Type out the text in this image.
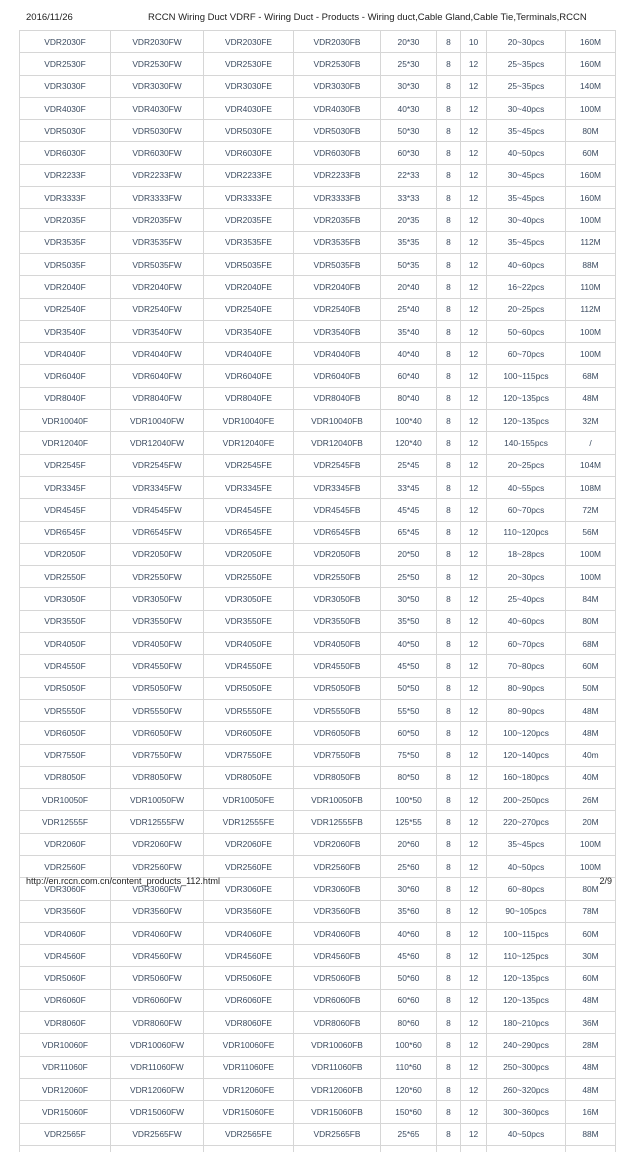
2016/11/26	RCCN Wiring Duct VDRF - Wiring Duct - Products - Wiring duct,Cable Gland,Cable Tie,Terminals,RCCN
VDR2030F	VDR2030FW	VDR2030FE	VDR2030FB	20*30	8	10	20~30pcs	160M
VDR2530F	VDR2530FW	VDR2530FE	VDR2530FB	25*30	8	12	25~35pcs	160M
VDR3030F	VDR3030FW	VDR3030FE	VDR3030FB	30*30	8	12	25~35pcs	140M
VDR4030F	VDR4030FW	VDR4030FE	VDR4030FB	40*30	8	12	30~40pcs	100M
VDR5030F	VDR5030FW	VDR5030FE	VDR5030FB	50*30	8	12	35~45pcs	80M
VDR6030F	VDR6030FW	VDR6030FE	VDR6030FB	60*30	8	12	40~50pcs	60M
VDR2233F	VDR2233FW	VDR2233FE	VDR2233FB	22*33	8	12	30~45pcs	160M
VDR3333F	VDR3333FW	VDR3333FE	VDR3333FB	33*33	8	12	35~45pcs	160M
VDR2035F	VDR2035FW	VDR2035FE	VDR2035FB	20*35	8	12	30~40pcs	100M
VDR3535F	VDR3535FW	VDR3535FE	VDR3535FB	35*35	8	12	35~45pcs	112M
VDR5035F	VDR5035FW	VDR5035FE	VDR5035FB	50*35	8	12	40~60pcs	88M
VDR2040F	VDR2040FW	VDR2040FE	VDR2040FB	20*40	8	12	16~22pcs	110M
VDR2540F	VDR2540FW	VDR2540FE	VDR2540FB	25*40	8	12	20~25pcs	112M
VDR3540F	VDR3540FW	VDR3540FE	VDR3540FB	35*40	8	12	50~60pcs	100M
VDR4040F	VDR4040FW	VDR4040FE	VDR4040FB	40*40	8	12	60~70pcs	100M
VDR6040F	VDR6040FW	VDR6040FE	VDR6040FB	60*40	8	12	100~115pcs	68M
VDR8040F	VDR8040FW	VDR8040FE	VDR8040FB	80*40	8	12	120~135pcs	48M
VDR10040F	VDR10040FW	VDR10040FE	VDR10040FB	100*40	8	12	120~135pcs	32M
VDR12040F	VDR12040FW	VDR12040FE	VDR12040FB	120*40	8	12	140-155pcs	/
VDR2545F	VDR2545FW	VDR2545FE	VDR2545FB	25*45	8	12	20~25pcs	104M
VDR3345F	VDR3345FW	VDR3345FE	VDR3345FB	33*45	8	12	40~55pcs	108M
VDR4545F	VDR4545FW	VDR4545FE	VDR4545FB	45*45	8	12	60~70pcs	72M
VDR6545F	VDR6545FW	VDR6545FE	VDR6545FB	65*45	8	12	110~120pcs	56M
VDR2050F	VDR2050FW	VDR2050FE	VDR2050FB	20*50	8	12	18~28pcs	100M
VDR2550F	VDR2550FW	VDR2550FE	VDR2550FB	25*50	8	12	20~30pcs	100M
VDR3050F	VDR3050FW	VDR3050FE	VDR3050FB	30*50	8	12	25~40pcs	84M
VDR3550F	VDR3550FW	VDR3550FE	VDR3550FB	35*50	8	12	40~60pcs	80M
VDR4050F	VDR4050FW	VDR4050FE	VDR4050FB	40*50	8	12	60~70pcs	68M
VDR4550F	VDR4550FW	VDR4550FE	VDR4550FB	45*50	8	12	70~80pcs	60M
VDR5050F	VDR5050FW	VDR5050FE	VDR5050FB	50*50	8	12	80~90pcs	50M
VDR5550F	VDR5550FW	VDR5550FE	VDR5550FB	55*50	8	12	80~90pcs	48M
VDR6050F	VDR6050FW	VDR6050FE	VDR6050FB	60*50	8	12	100~120pcs	48M
VDR7550F	VDR7550FW	VDR7550FE	VDR7550FB	75*50	8	12	120~140pcs	40m
VDR8050F	VDR8050FW	VDR8050FE	VDR8050FB	80*50	8	12	160~180pcs	40M
VDR10050F	VDR10050FW	VDR10050FE	VDR10050FB	100*50	8	12	200~250pcs	26M
VDR12555F	VDR12555FW	VDR12555FE	VDR12555FB	125*55	8	12	220~270pcs	20M
VDR2060F	VDR2060FW	VDR2060FE	VDR2060FB	20*60	8	12	35~45pcs	100M
VDR2560F	VDR2560FW	VDR2560FE	VDR2560FB	25*60	8	12	40~50pcs	100M
VDR3060F	VDR3060FW	VDR3060FE	VDR3060FB	30*60	8	12	60~80pcs	80M
VDR3560F	VDR3560FW	VDR3560FE	VDR3560FB	35*60	8	12	90~105pcs	78M
VDR4060F	VDR4060FW	VDR4060FE	VDR4060FB	40*60	8	12	100~115pcs	60M
VDR4560F	VDR4560FW	VDR4560FE	VDR4560FB	45*60	8	12	110~125pcs	30M
VDR5060F	VDR5060FW	VDR5060FE	VDR5060FB	50*60	8	12	120~135pcs	60M
VDR6060F	VDR6060FW	VDR6060FE	VDR6060FB	60*60	8	12	120~135pcs	48M
VDR8060F	VDR8060FW	VDR8060FE	VDR8060FB	80*60	8	12	180~210pcs	36M
VDR10060F	VDR10060FW	VDR10060FE	VDR10060FB	100*60	8	12	240~290pcs	28M
VDR11060F	VDR11060FW	VDR11060FE	VDR11060FB	110*60	8	12	250~300pcs	48M
VDR12060F	VDR12060FW	VDR12060FE	VDR12060FB	120*60	8	12	260~320pcs	48M
VDR15060F	VDR15060FW	VDR15060FE	VDR15060FB	150*60	8	12	300~360pcs	16M
VDR2565F	VDR2565FW	VDR2565FE	VDR2565FB	25*65	8	12	40~50pcs	88M

http://en.rccn.com.cn/content_products_112.html	2/9
